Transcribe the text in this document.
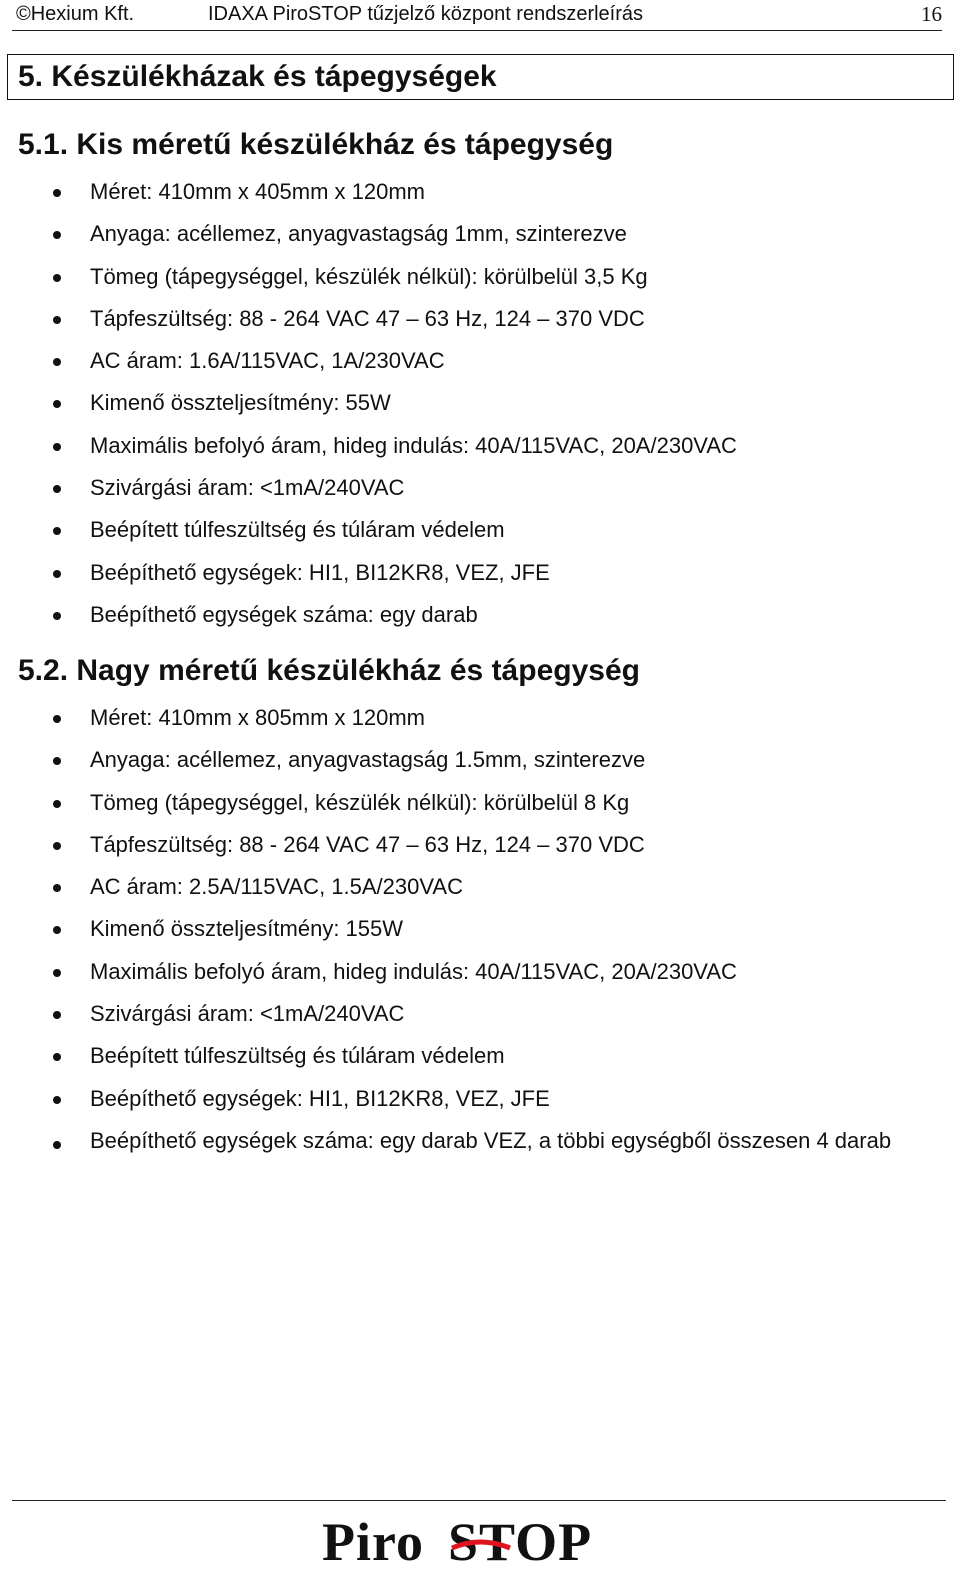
©Hexium Kft.	IDAXA PiroSTOP tűzjelző központ rendszerleírás	16
5. Készülékházak és tápegységek
5.1. Kis méretű készülékház és tápegység
Méret: 410mm x 405mm x 120mm
Anyaga: acéllemez, anyagvastagság 1mm, szinterezve
Tömeg (tápegységgel, készülék nélkül): körülbelül 3,5 Kg
Tápfeszültség: 88 - 264 VAC 47 – 63 Hz, 124 – 370 VDC
AC áram: 1.6A/115VAC, 1A/230VAC
Kimenő összteljesítmény: 55W
Maximális befolyó áram, hideg indulás: 40A/115VAC, 20A/230VAC
Szivárgási áram: <1mA/240VAC
Beépített túlfeszültség és túláram védelem
Beépíthető egységek: HI1, BI12KR8, VEZ, JFE
Beépíthető egységek száma: egy darab
5.2. Nagy méretű készülékház és tápegység
Méret: 410mm x 805mm x 120mm
Anyaga: acéllemez, anyagvastagság 1.5mm, szinterezve
Tömeg (tápegységgel, készülék nélkül): körülbelül 8 Kg
Tápfeszültség: 88 - 264 VAC 47 – 63 Hz, 124 – 370 VDC
AC áram: 2.5A/115VAC, 1.5A/230VAC
Kimenő összteljesítmény: 155W
Maximális befolyó áram, hideg indulás: 40A/115VAC, 20A/230VAC
Szivárgási áram: <1mA/240VAC
Beépített túlfeszültség és túláram védelem
Beépíthető egységek: HI1, BI12KR8, VEZ, JFE
Beépíthető egységek száma: egy darab VEZ, a többi egységből összesen 4 darab
Piro STOP
